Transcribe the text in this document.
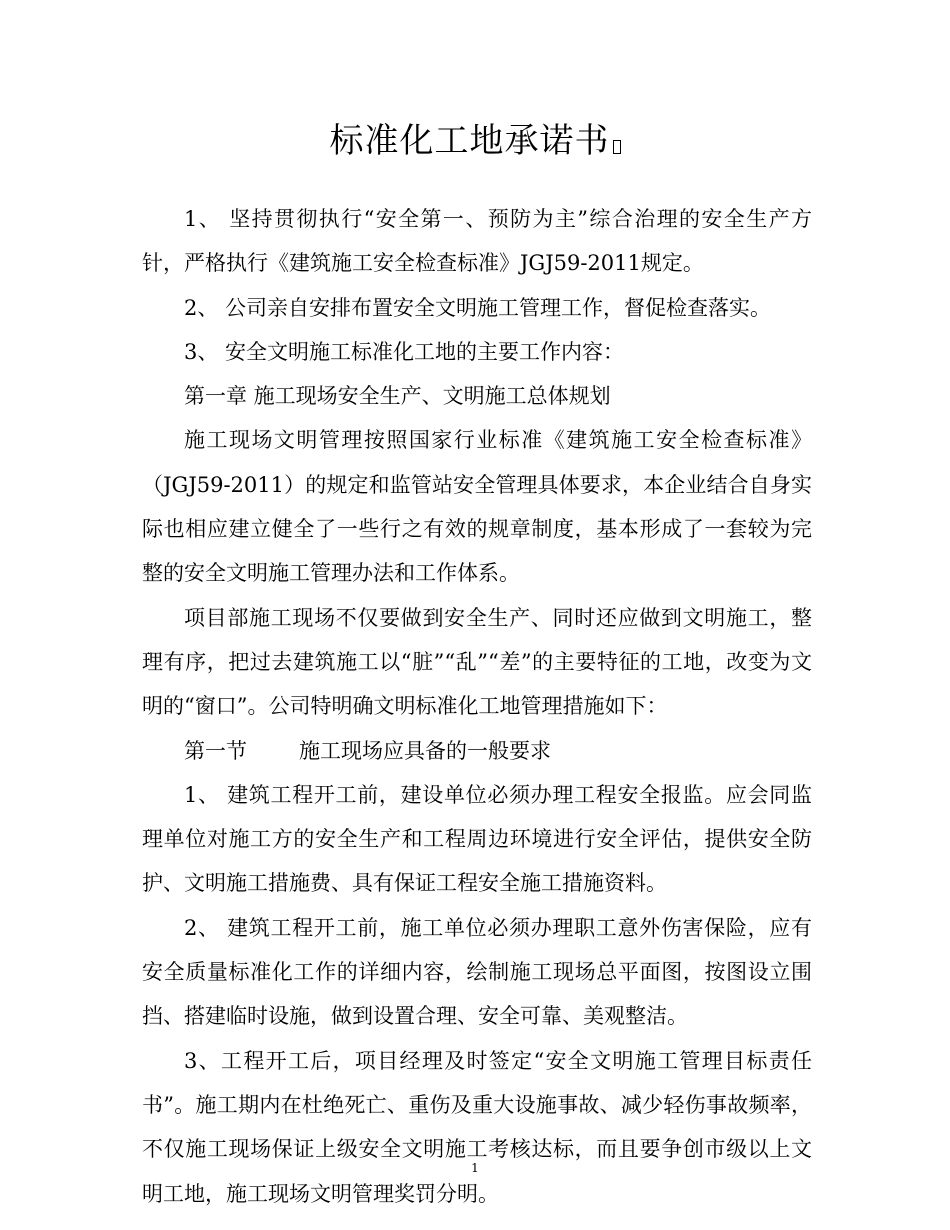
标准化工地承诺书

1、 坚持贯彻执行“安全第一、预防为主”综合治理的安全生产方针，严格执行《建筑施工安全检查标准》JGJ59-2011规定。

2、 公司亲自安排布置安全文明施工管理工作，督促检查落实。

3、 安全文明施工标准化工地的主要工作内容：

第一章 施工现场安全生产、文明施工总体规划

施工现场文明管理按照国家行业标准《建筑施工安全检查标准》（JGJ59-2011）的规定和监管站安全管理具体要求，本企业结合自身实际也相应建立健全了一些行之有效的规章制度，基本形成了一套较为完整的安全文明施工管理办法和工作体系。

项目部施工现场不仅要做到安全生产、同时还应做到文明施工，整理有序，把过去建筑施工以“脏”“乱”“差”的主要特征的工地，改变为文明的“窗口”。公司特明确文明标准化工地管理措施如下：

第一节 施工现场应具备的一般要求

1、 建筑工程开工前，建设单位必须办理工程安全报监。应会同监理单位对施工方的安全生产和工程周边环境进行安全评估，提供安全防护、文明施工措施费、具有保证工程安全施工措施资料。

2、 建筑工程开工前，施工单位必须办理职工意外伤害保险，应有安全质量标准化工作的详细内容，绘制施工现场总平面图，按图设立围挡、搭建临时设施，做到设置合理、安全可靠、美观整洁。

3、工程开工后，项目经理及时签定“安全文明施工管理目标责任书”。施工期内在杜绝死亡、重伤及重大设施事故、减少轻伤事故频率，不仅施工现场保证上级安全文明施工考核达标，而且要争创市级以上文明工地，施工现场文明管理奖罚分明。

1
